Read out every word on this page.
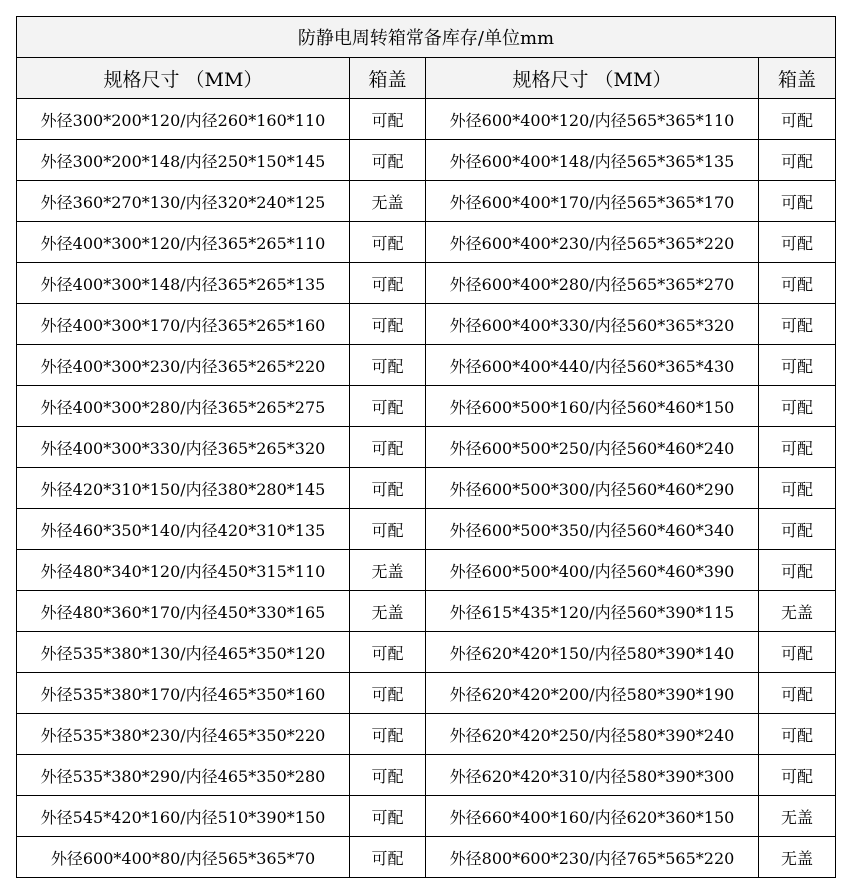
防静电周转箱常备库存/单位mm			
规格尺寸 （MM）	箱盖	规格尺寸 （MM）	箱盖
外径300*200*120/内径260*160*110	可配	外径600*400*120/内径565*365*110	可配
外径300*200*148/内径250*150*145	可配	外径600*400*148/内径565*365*135	可配
外径360*270*130/内径320*240*125	无盖	外径600*400*170/内径565*365*170	可配
外径400*300*120/内径365*265*110	可配	外径600*400*230/内径565*365*220	可配
外径400*300*148/内径365*265*135	可配	外径600*400*280/内径565*365*270	可配
外径400*300*170/内径365*265*160	可配	外径600*400*330/内径560*365*320	可配
外径400*300*230/内径365*265*220	可配	外径600*400*440/内径560*365*430	可配
外径400*300*280/内径365*265*275	可配	外径600*500*160/内径560*460*150	可配
外径400*300*330/内径365*265*320	可配	外径600*500*250/内径560*460*240	可配
外径420*310*150/内径380*280*145	可配	外径600*500*300/内径560*460*290	可配
外径460*350*140/内径420*310*135	可配	外径600*500*350/内径560*460*340	可配
外径480*340*120/内径450*315*110	无盖	外径600*500*400/内径560*460*390	可配
外径480*360*170/内径450*330*165	无盖	外径615*435*120/内径560*390*115	无盖
外径535*380*130/内径465*350*120	可配	外径620*420*150/内径580*390*140	可配
外径535*380*170/内径465*350*160	可配	外径620*420*200/内径580*390*190	可配
外径535*380*230/内径465*350*220	可配	外径620*420*250/内径580*390*240	可配
外径535*380*290/内径465*350*280	可配	外径620*420*310/内径580*390*300	可配
外径545*420*160/内径510*390*150	可配	外径660*400*160/内径620*360*150	无盖
外径600*400*80/内径565*365*70	可配	外径800*600*230/内径765*565*220	无盖
